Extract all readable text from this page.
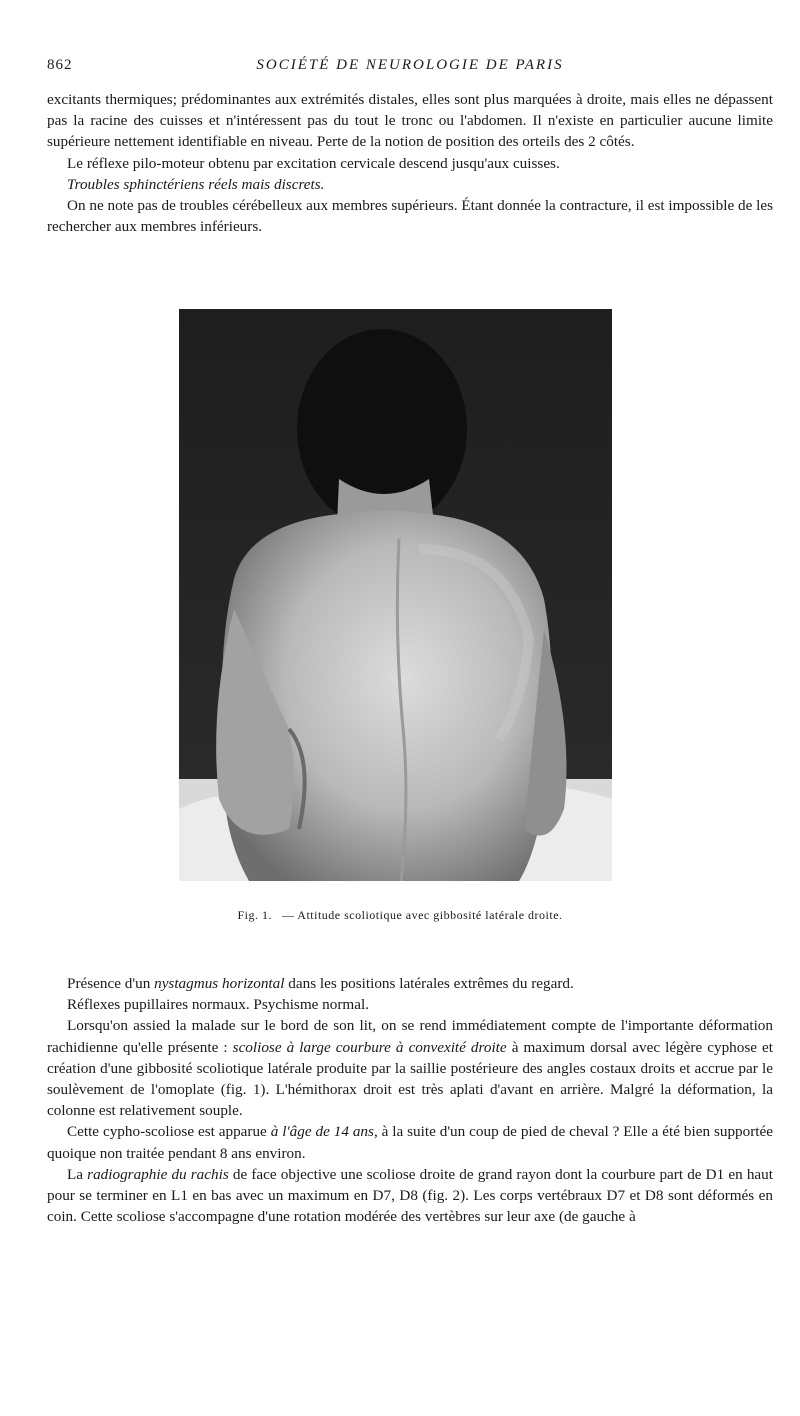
862	SOCIÉTÉ DE NEUROLOGIE DE PARIS

excitants thermiques; prédominantes aux extrémités distales, elles sont plus marquées à droite, mais elles ne dépassent pas la racine des cuisses et n'intéressent pas du tout le tronc ou l'abdomen. Il n'existe en particulier aucune limite supérieure nettement identifiable en niveau. Perte de la notion de position des orteils des 2 côtés.

Le réflexe pilo-moteur obtenu par excitation cervicale descend jusqu'aux cuisses.

Troubles sphinctériens réels mais discrets.

On ne note pas de troubles cérébelleux aux membres supérieurs. Étant donnée la contracture, il est impossible de les rechercher aux membres inférieurs.

Fig. 1. — Attitude scoliotique avec gibbosité latérale droite.

Présence d'un nystagmus horizontal dans les positions latérales extrêmes du regard.

Réflexes pupillaires normaux. Psychisme normal.

Lorsqu'on assied la malade sur le bord de son lit, on se rend immédiatement compte de l'importante déformation rachidienne qu'elle présente : scoliose à large courbure à convexité droite à maximum dorsal avec légère cyphose et création d'une gibbosité scoliotique latérale produite par la saillie postérieure des angles costaux droits et accrue par le soulèvement de l'omoplate (fig. 1). L'hémithorax droit est très aplati d'avant en arrière. Malgré la déformation, la colonne est relativement souple.

Cette cypho-scoliose est apparue à l'âge de 14 ans, à la suite d'un coup de pied de cheval ? Elle a été bien supportée quoique non traitée pendant 8 ans environ.

La radiographie du rachis de face objective une scoliose droite de grand rayon dont la courbure part de D1 en haut pour se terminer en L1 en bas avec un maximum en D7, D8 (fig. 2). Les corps vertébraux D7 et D8 sont déformés en coin. Cette scoliose s'accompagne d'une rotation modérée des vertèbres sur leur axe (de gauche à
